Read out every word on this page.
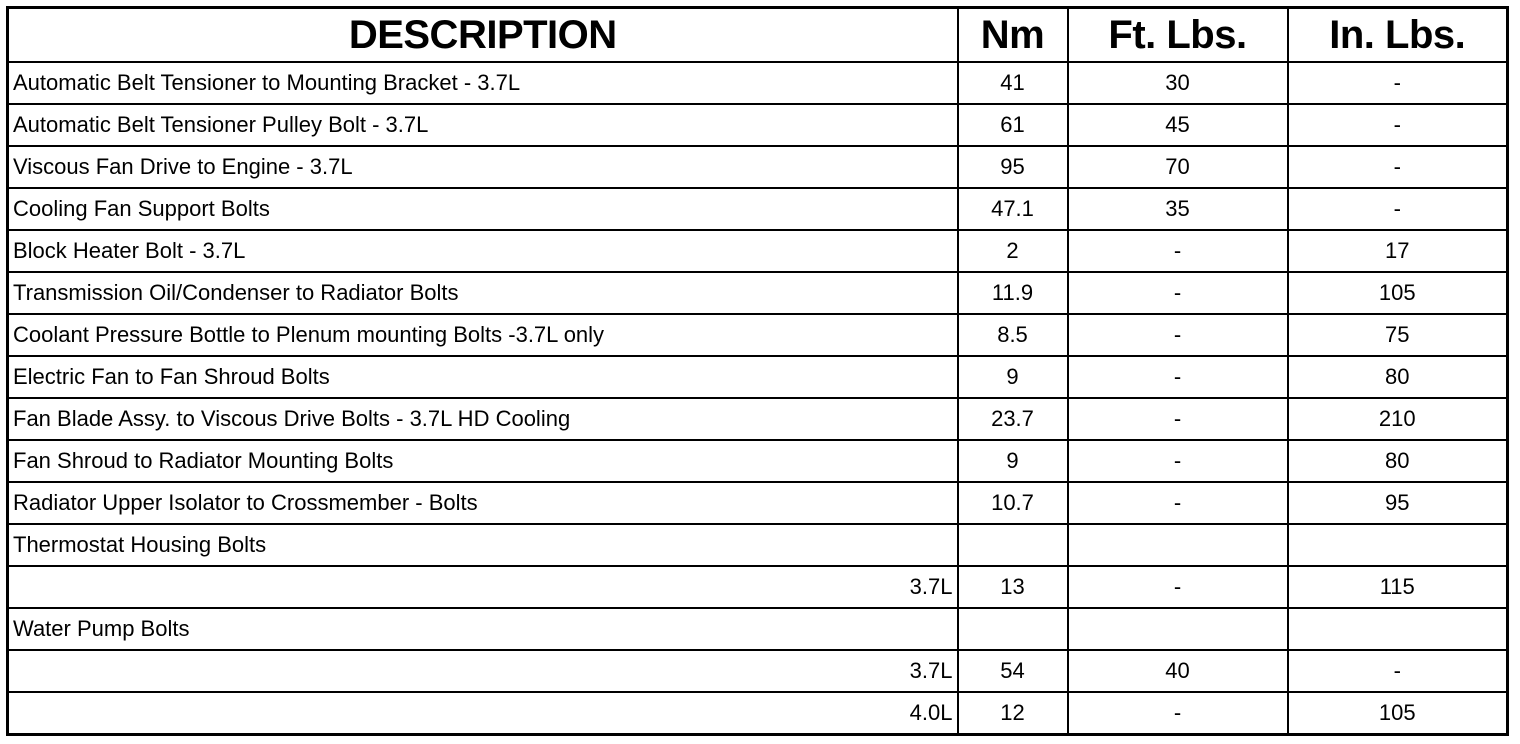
DESCRIPTION	Nm	Ft. Lbs.	In. Lbs.
Automatic Belt Tensioner to Mounting Bracket - 3.7L	41	30	-
Automatic Belt Tensioner Pulley Bolt - 3.7L	61	45	-
Viscous Fan Drive to Engine - 3.7L	95	70	-
Cooling Fan Support Bolts	47.1	35	-
Block Heater Bolt - 3.7L	2	-	17
Transmission Oil/Condenser to Radiator Bolts	11.9	-	105
Coolant Pressure Bottle to Plenum mounting Bolts -3.7L only	8.5	-	75
Electric Fan to Fan Shroud Bolts	9	-	80
Fan Blade Assy. to Viscous Drive Bolts - 3.7L HD Cooling	23.7	-	210
Fan Shroud to Radiator Mounting Bolts	9	-	80
Radiator Upper Isolator to Crossmember - Bolts	10.7	-	95
Thermostat Housing Bolts			
3.7L	13	-	115
Water Pump Bolts			
3.7L	54	40	-
4.0L	12	-	105
